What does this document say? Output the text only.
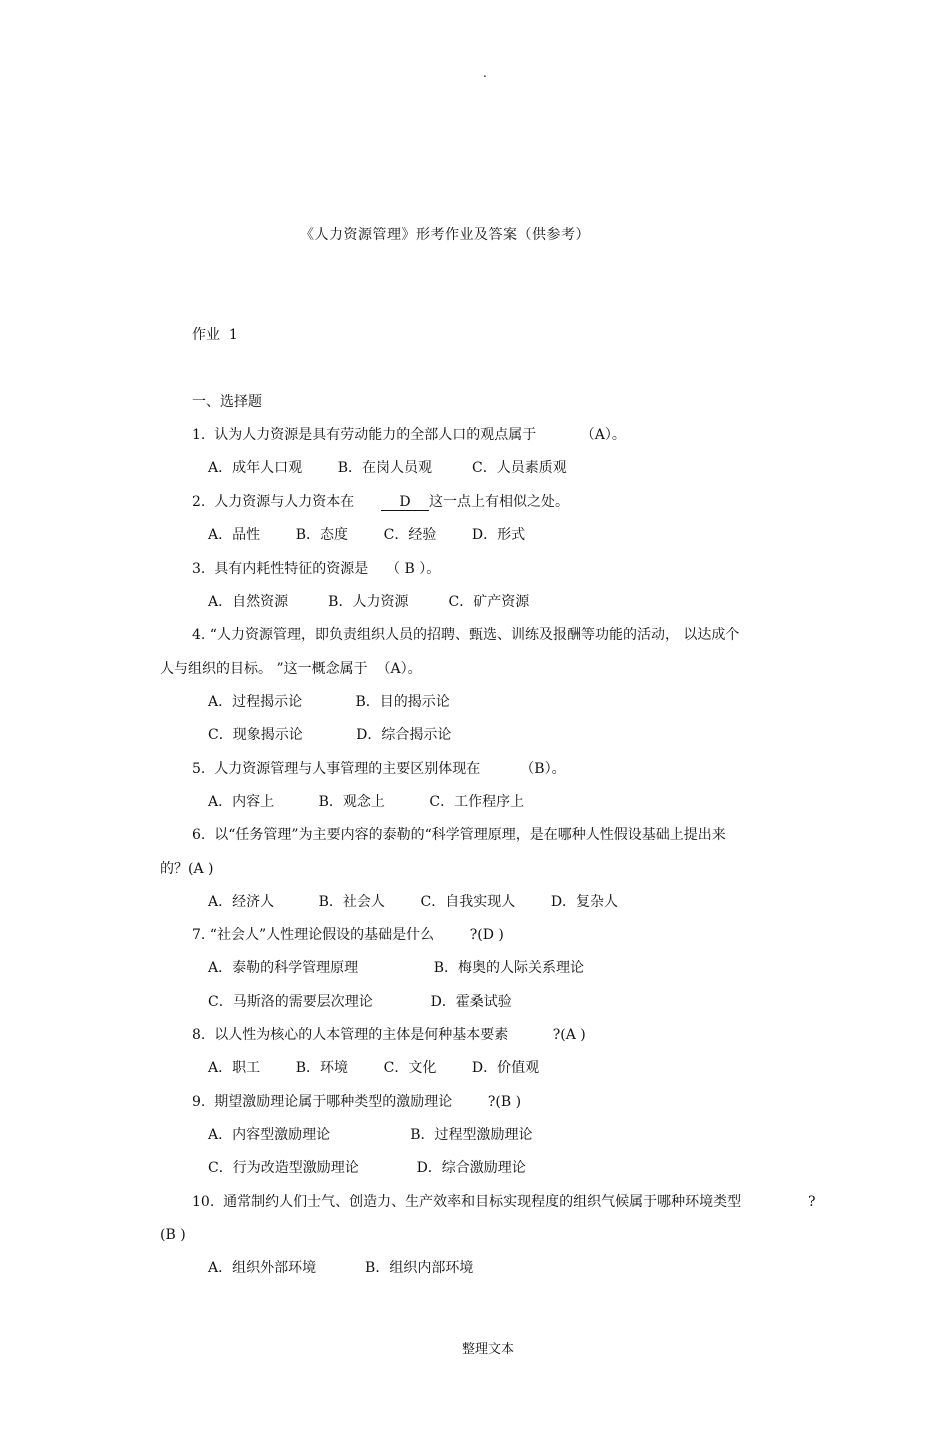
.
《人力资源管理》形考作业及答案（供参考）
作业  1
一、选择题
1.  认为人力资源是具有劳动能力的全部人口的观点属于          （A）。
A．成年人口观        B．在岗人员观         C．人员素质观
2.  人力资源与人力资本在	D 这一点上有相似之处。
A．品性        B．态度        C．经验        D．形式
3.  具有内耗性特征的资源是    （ B ）。
A．自然资源         B．人力资源         C．矿产资源
4. “人力资源管理，即负责组织人员的招聘、甄选、训练及报酬等功能的活动， 以达成个
人与组织的目标。 ”这一概念属于  （A）。
A．过程揭示论            B．目的揭示论
C．现象揭示论            D．综合揭示论
5.  人力资源管理与人事管理的主要区别体现在         （B）。
A．内容上          B．观念上          C．工作程序上
6.  以“任务管理”为主要内容的泰勒的“科学管理原理，是在哪种人性假设基础上提出来
的？(A )
A．经济人          B．社会人        C．自我实现人        D．复杂人
7. “社会人”人性理论假设的基础是什么        ?(D )
A．泰勒的科学管理原理                 B．梅奥的人际关系理论
C．马斯洛的需要层次理论             D．霍桑试验
8.  以人性为核心的人本管理的主体是何种基本要素          ?(A )
A．职工        B．环境        C．文化        D．价值观
9.  期望激励理论属于哪种类型的激励理论        ?(B )
A．内容型激励理论                  B．过程型激励理论
C．行为改造型激励理论             D．综合激励理论
10.  通常制约人们士气、创造力、生产效率和目标实现程度的组织气候属于哪种环境类型	?
(B )
A．组织外部环境           B．组织内部环境
整理文本
